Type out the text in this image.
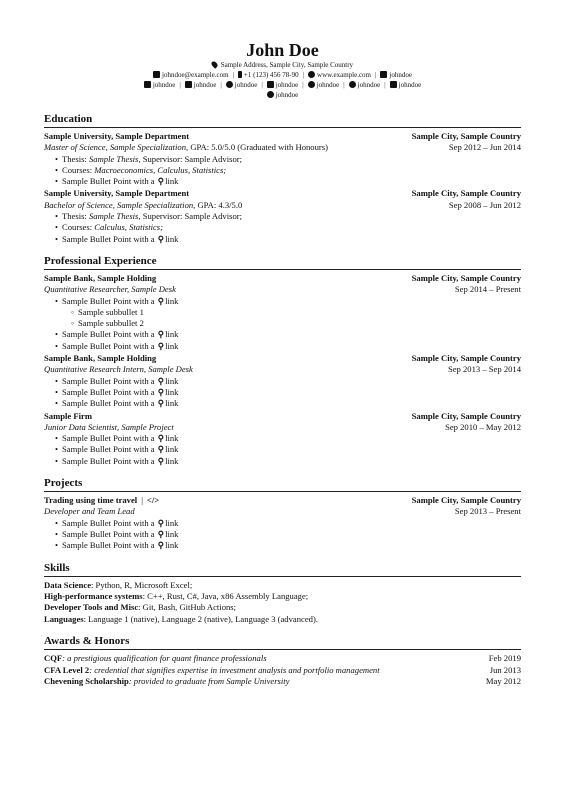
John Doe
Sample Address, Sample City, Sample Country
johndoe@example.com | +1 (123) 456 78-90 | www.example.com | johndoe
johndoe | johndoe | johndoe | johndoe | johndoe | johndoe | johndoe
johndoe
Education
Sample University, Sample Department	Sample City, Sample Country
Master of Science, Sample Specialization, GPA: 5.0/5.0 (Graduated with Honours)	Sep 2012 – Jun 2014
• Thesis: Sample Thesis, Supervisor: Sample Advisor;
• Courses: Macroeconomics, Calculus, Statistics;
• Sample Bullet Point with a ⚲link
Sample University, Sample Department	Sample City, Sample Country
Bachelor of Science, Sample Specialization, GPA: 4.3/5.0	Sep 2008 – Jun 2012
• Thesis: Sample Thesis, Supervisor: Sample Advisor;
• Courses: Calculus, Statistics;
• Sample Bullet Point with a ⚲link
Professional Experience
Sample Bank, Sample Holding	Sample City, Sample Country
Quantitative Researcher, Sample Desk	Sep 2014 – Present
• Sample Bullet Point with a ⚲link
◦ Sample subbullet 1
◦ Sample subbullet 2
• Sample Bullet Point with a ⚲link
• Sample Bullet Point with a ⚲link
Sample Bank, Sample Holding	Sample City, Sample Country
Quantitative Research Intern, Sample Desk	Sep 2013 – Sep 2014
• Sample Bullet Point with a ⚲link
• Sample Bullet Point with a ⚲link
• Sample Bullet Point with a ⚲link
Sample Firm	Sample City, Sample Country
Junior Data Scientist, Sample Project	Sep 2010 – May 2012
• Sample Bullet Point with a ⚲link
• Sample Bullet Point with a ⚲link
• Sample Bullet Point with a ⚲link
Projects
Trading using time travel | </>	Sample City, Sample Country
Developer and Team Lead	Sep 2013 – Present
• Sample Bullet Point with a ⚲link
• Sample Bullet Point with a ⚲link
• Sample Bullet Point with a ⚲link
Skills
Data Science: Python, R, Microsoft Excel;
High-performance systems: C++, Rust, C#, Java, x86 Assembly Language;
Developer Tools and Misc: Git, Bash, GitHub Actions;
Languages: Language 1 (native), Language 2 (native), Language 3 (advanced).
Awards & Honors
CQF: a prestigious qualification for quant finance professionals	Feb 2019
CFA Level 2: credential that signifies expertise in investment analysis and portfolio management	Jun 2013
Chevening Scholarship: provided to graduate from Sample University	May 2012
